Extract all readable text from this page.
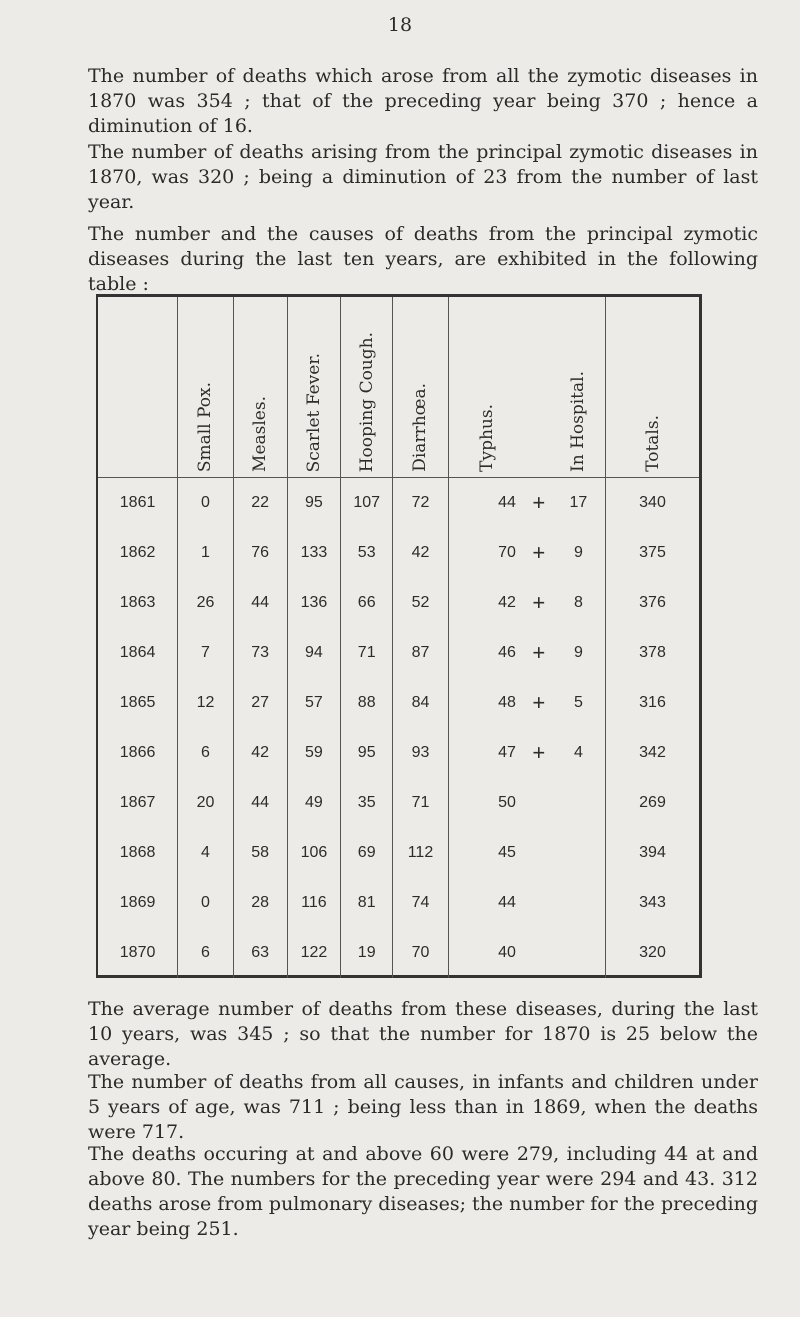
18

The number of deaths which arose from all the zymotic diseases in 1870 was 354 ; that of the preceding year being 370 ; hence a diminution of 16.

The number of deaths arising from the principal zymotic diseases in 1870, was 320 ; being a diminution of 23 from the number of last year.

The number and the causes of deaths from the principal zymotic diseases during the last ten years, are exhibited in the following table :

	Small Pox.	Measles.	Scarlet Fever.	Hooping Cough.	Diarrhœa.	Typhus.		In Hospital.	Totals.
1861	0	22	95	107	72	44	+	17	340
1862	1	76	133	53	42	70	+	9	375
1863	26	44	136	66	52	42	+	8	376
1864	7	73	94	71	87	46	+	9	378
1865	12	27	57	88	84	48	+	5	316
1866	6	42	59	95	93	47	+	4	342
1867	20	44	49	35	71	50			269
1868	4	58	106	69	112	45			394
1869	0	28	116	81	74	44			343
1870	6	63	122	19	70	40			320

The average number of deaths from these diseases, during the last 10 years, was 345 ; so that the number for 1870 is 25 below the average.

The number of deaths from all causes, in infants and children under 5 years of age, was 711 ; being less than in 1869, when the deaths were 717.

The deaths occuring at and above 60 were 279, including 44 at and above 80. The numbers for the preceding year were 294 and 43. 312 deaths arose from pulmonary diseases; the number for the preceding year being 251.
